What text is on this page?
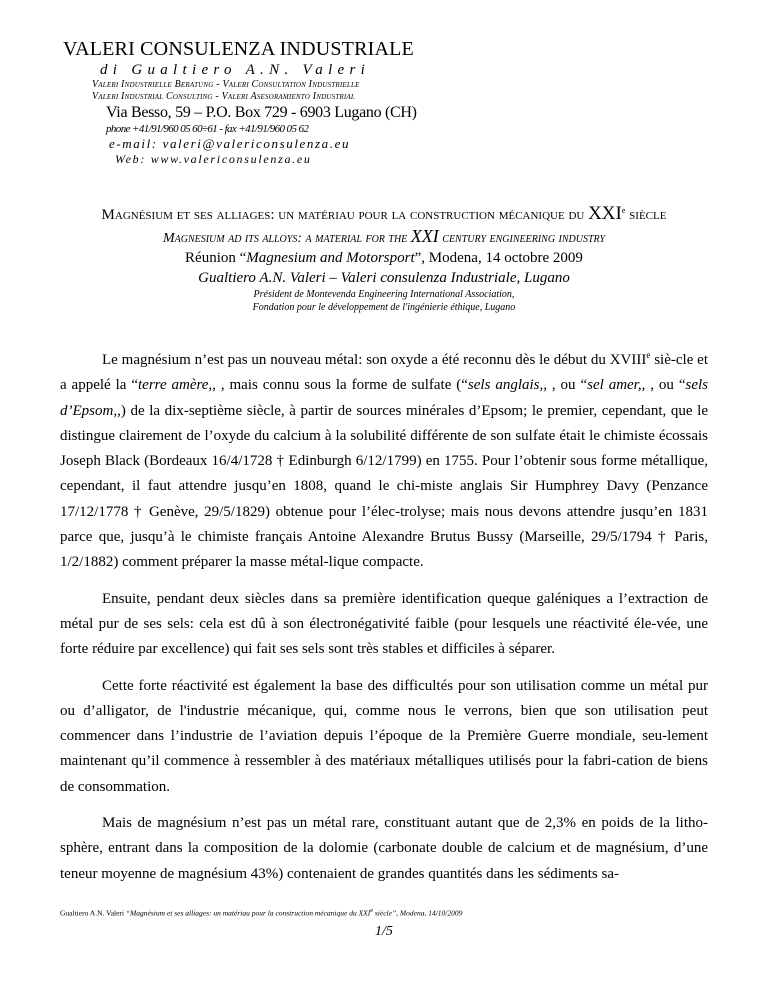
VALERI CONSULENZA INDUSTRIALE
di Gualtiero A.N. Valeri
Valeri Industrielle Beratung - Valeri Consultation Industrielle
Valeri Industrial Consulting - Valeri Asesoramiento Industrial
Via Besso, 59 – P.O. Box 729 - 6903 Lugano (CH)
phone +41/91/960 05 60÷61 - fax +41/91/960 05 62
e-mail: valeri@valericonsulenza.eu
Web: www.valericonsulenza.eu

Magnésium et ses alliages: un matériau pour la construction mécanique du XXIe siècle

Magnesium ad its alloys: a material for the XXI century engineering industry

Réunion “Magnesium and Motorsport”, Modena, 14 octobre 2009

Gualtiero A.N. Valeri – Valeri consulenza Industriale, Lugano

Président de Montevenda Engineering International Association,

Fondation pour le développement de l'ingénierie éthique, Lugano

Le magnésium n’est pas un nouveau métal: son oxyde a été reconnu dès le début du XVIIIe siè-cle et a appelé la “terre amère,, , mais connu sous la forme de sulfate (“sels anglais,, , ou “sel amer,, , ou “sels d’Epsom,,) de la dix-septième siècle, à partir de sources minérales d’Epsom; le premier, cependant, que le distingue clairement de l’oxyde du calcium à la solubilité différente de son sulfate était le chimiste écossais Joseph Black (Bordeaux 16/4/1728 † Edinburgh 6/12/1799) en 1755. Pour l’obtenir sous forme métallique, cependant, il faut attendre jusqu’en 1808, quand le chi-miste anglais Sir Humphrey Davy (Penzance 17/12/1778 † Genève, 29/5/1829) obtenue pour l’élec-trolyse; mais nous devons attendre jusqu’en 1831 parce que, jusqu’à le chimiste français Antoine Alexandre Brutus Bussy (Marseille, 29/5/1794 † Paris, 1/2/1882) comment préparer la masse métal-lique compacte.

Ensuite, pendant deux siècles dans sa première identification queque galéniques a l’extraction de métal pur de ses sels: cela est dû à son électronégativité faible (pour lesquels une réactivité éle-vée, une forte réduire par excellence) qui fait ses sels sont très stables et difficiles à séparer.

Cette forte réactivité est également la base des difficultés pour son utilisation comme un métal pur ou d’alligator, de l'industrie mécanique, qui, comme nous le verrons, bien que son utilisation peut commencer dans l’industrie de l’aviation depuis l’époque de la Première Guerre mondiale, seu-lement maintenant qu’il commence à ressembler à des matériaux métalliques utilisés pour la fabri-cation de biens de consommation.

Mais de magnésium n’est pas un métal rare, constituant autant que de 2,3% en poids de la litho-sphère, entrant dans la composition de la dolomie (carbonate double de calcium et de magnésium, d’une teneur moyenne de magnésium 43%) contenaient de grandes quantités dans les sédiments sa-

Gualtiero A.N. Valeri “Magnésium et ses alliages: un matériau pour la construction mécanique du XXIe siècle”, Modena, 14/10/2009
1/5
